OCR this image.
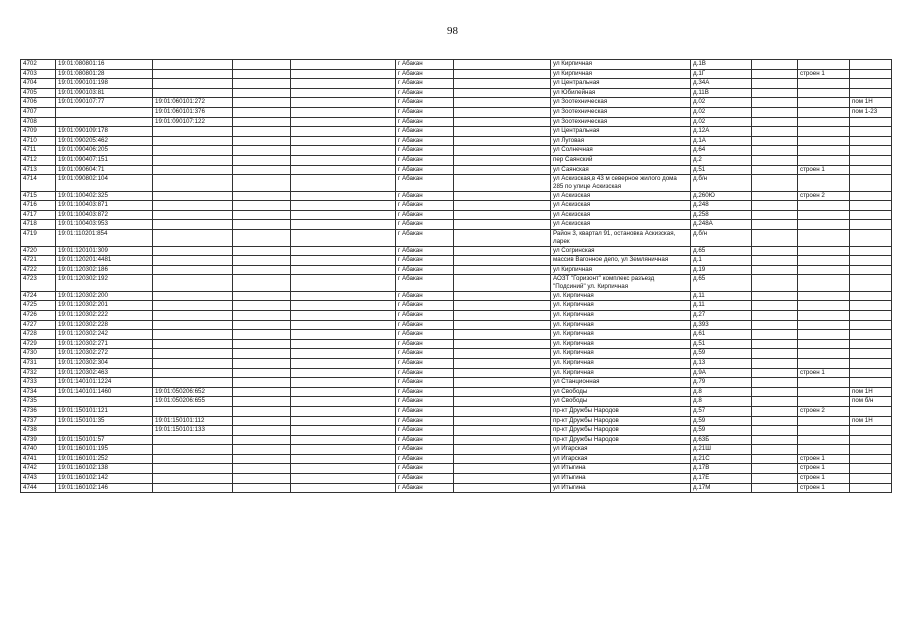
98
4702	19:01:080801:16				г Абакан		ул Кирпичная	д.1В			
4703	19:01:080801:28				г Абакан		ул Кирпичная	д.1Г		строен 1	
4704	19:01:090101:198				г Абакан		ул Центральная	д.34А			
4705	19:01:090103:81				г Абакан		ул Юбилейная	д.11В			
4706	19:01:090107:77	19:01:060101:272			г Абакан		ул Зоотехническая	д.02			пом 1Н
4707		19:01:060101:376			г Абакан		ул Зоотехническая	д.02			пом 1-23
4708		19:01:090107:122			г Абакан		ул Зоотехническая	д.02			
4709	19:01:090109:178				г Абакан		ул Центральная	д.12А			
4710	19:01:090205:462				г Абакан		ул Луговая	д.1А			
4711	19:01:090406:205				г Абакан		ул Солнечная	д.64			
4712	19:01:090407:151				г Абакан		пер Саянский	д.2			
4713	19:01:090604:71				г Абакан		ул Саянская	д.51		строен 1	
4714	19:01:090802:104				г Абакан		ул Аскизская,в 43 м северное жилого дома 285 по улице Аскизская	д.б/н			
4715	19:01:100402:325				г Абакан		ул Аскизская	д.260Ю		строен 2	
4716	19:01:100403:871				г Абакан		ул Аскизская	д.248			
4717	19:01:100403:872				г Абакан		ул Аскизская	д.258			
4718	19:01:100403:953				г Абакан		ул Аскизская	д.248А			
4719	19:01:110201:854				г Абакан		Район 3, квартал 91, остановка Аскизская, ларек	д.б/н			
4720	19:01:120101:309				г Абакан		ул Согринская	д.65			
4721	19:01:120201:4481				г Абакан		массив Вагонное депо, ул Земляничная	д.1			
4722	19:01:120302:186				г Абакан		ул Кирпичная	д.19			
4723	19:01:120302:192				г Абакан		АОЗТ "Горизонт" комплекс разъезд "Подсиний" ул. Кирпичная	д.65			
4724	19:01:120302:200				г Абакан		ул. Кирпичная	д.11			
4725	19:01:120302:201				г Абакан		ул. Кирпичная	д.11			
4726	19:01:120302:222				г Абакан		ул. Кирпичная	д.27			
4727	19:01:120302:228				г Абакан		ул. Кирпичная	д.393			
4728	19:01:120302:242				г Абакан		ул. Кирпичная	д.61			
4729	19:01:120302:271				г Абакан		ул. Кирпичная	д.51			
4730	19:01:120302:272				г Абакан		ул. Кирпичная	д.59			
4731	19:01:120302:304				г Абакан		ул. Кирпичная	д.13			
4732	19:01:120302:463				г Абакан		ул. Кирпичная	д.9А		строен 1	
4733	19:01:140101:1224				г Абакан		ул Станционная	д.79			
4734	19:01:140101:1460	19:01:050206:652			г Абакан		ул Свободы	д.8			пом 1Н
4735		19:01:050206:655			г Абакан		ул Свободы	д.8			пом б/н
4736	19:01:150101:121				г Абакан		пр-кт Дружбы Народов	д.57		строен 2	
4737	19:01:150101:35	19:01:150101:112			г Абакан		пр-кт Дружбы Народов	д.59			пом 1Н
4738		19:01:150101:133			г Абакан		пр-кт Дружбы Народов	д.59			
4739	19:01:150101:57				г Абакан		пр-кт Дружбы Народов	д.63Б			
4740	19:01:160101:195				г Абакан		ул Игарская	д.21Ш			
4741	19:01:160101:252				г Абакан		ул Игарская	д.21С		строен 1	
4742	19:01:160102:138				г Абакан		ул Итыгина	д.17В		строен 1	
4743	19:01:160102:142				г Абакан		ул Итыгина	д.17Е		строен 1	
4744	19:01:160102:146				г Абакан		ул Итыгина	д.17М		строен 1	
